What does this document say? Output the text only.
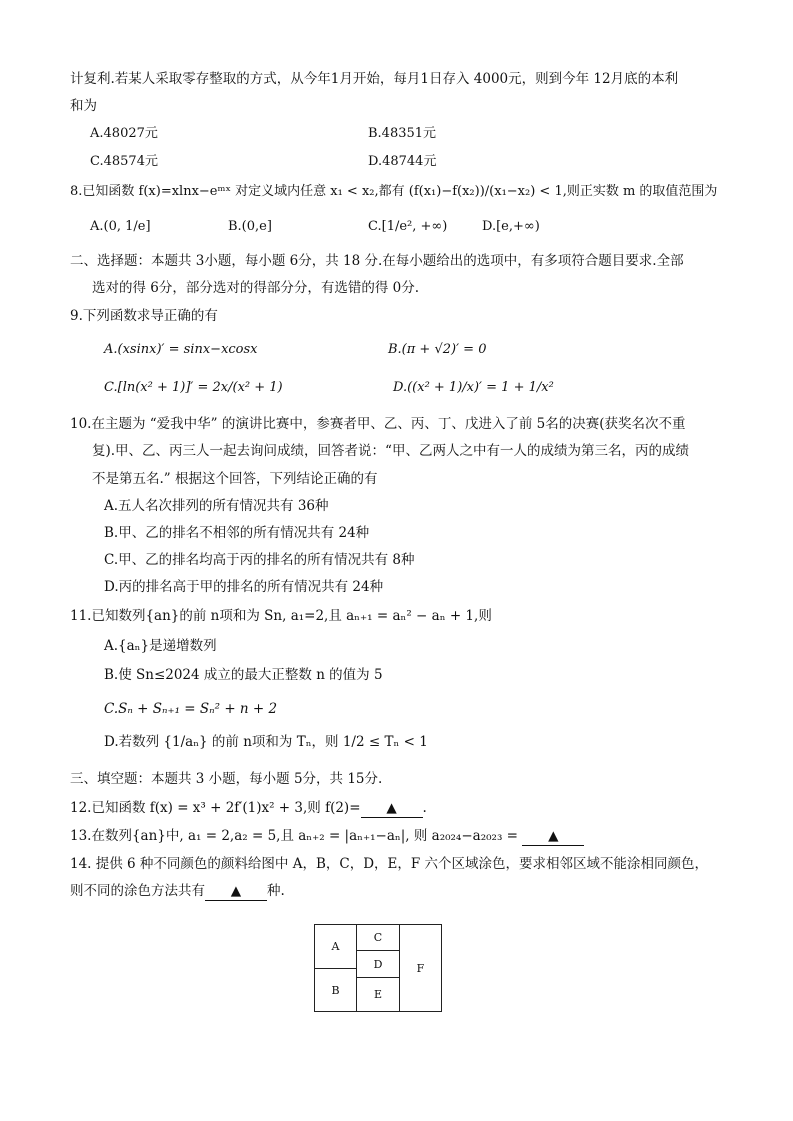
计复利.若某人采取零存整取的方式，从今年1月开始，每月1日存入 4000元，则到今年 12月底的本利
和为
A.48027元	B.48351元
C.48574元	D.48744元
8.已知函数 f(x)=xlnx−eᵐˣ 对定义域内任意 x₁ < x₂,都有 (f(x₁)−f(x₂))/(x₁−x₂) < 1,则正实数 m 的取值范围为
A.(0, 1/e]	B.(0,e]	C.[1/e², +∞)	D.[e,+∞)
二、选择题：本题共 3小题，每小题 6分，共 18 分.在每小题给出的选项中，有多项符合题目要求.全部
选对的得 6分，部分选对的得部分分，有选错的得 0分.
9.下列函数求导正确的有
A.(xsinx)′ = sinx−xcosx	B.(π + √2)′ = 0
C.[ln(x² + 1)]′ = 2x/(x² + 1)	D.((x² + 1)/x)′ = 1 + 1/x²
10.在主题为 “爱我中华” 的演讲比赛中，参赛者甲、乙、丙、丁、戊进入了前 5名的决赛(获奖名次不重
复).甲、乙、丙三人一起去询问成绩，回答者说：“甲、乙两人之中有一人的成绩为第三名，丙的成绩
不是第五名.” 根据这个回答，下列结论正确的有
A.五人名次排列的所有情况共有 36种
B.甲、乙的排名不相邻的所有情况共有 24种
C.甲、乙的排名均高于丙的排名的所有情况共有 8种
D.丙的排名高于甲的排名的所有情况共有 24种
11.已知数列{an}的前 n项和为 Sn, a₁=2,且 aₙ₊₁ = aₙ² − aₙ + 1,则
A.{aₙ}是递增数列
B.使 Sn≤2024 成立的最大正整数 n 的值为 5
C.Sₙ + Sₙ₊₁ = Sₙ² + n + 2
D.若数列 {1/aₙ} 的前 n项和为 Tₙ，则 1/2 ≤ Tₙ < 1
三、填空题：本题共 3 小题，每小题 5分，共 15分.
12.已知函数 f(x) = x³ + 2f′(1)x² + 3,则 f(2)= ▲ .
13.在数列{an}中, a₁ = 2,a₂ = 5,且 aₙ₊₂ = |aₙ₊₁−aₙ|, 则 a₂₀₂₄−a₂₀₂₃ = ▲
14. 提供 6 种不同颜色的颜料给图中 A，B，C，D，E，F 六个区域涂色，要求相邻区域不能涂相同颜色，
则不同的涂色方法共有 ▲ 种.
A
B
C
D
E
F
